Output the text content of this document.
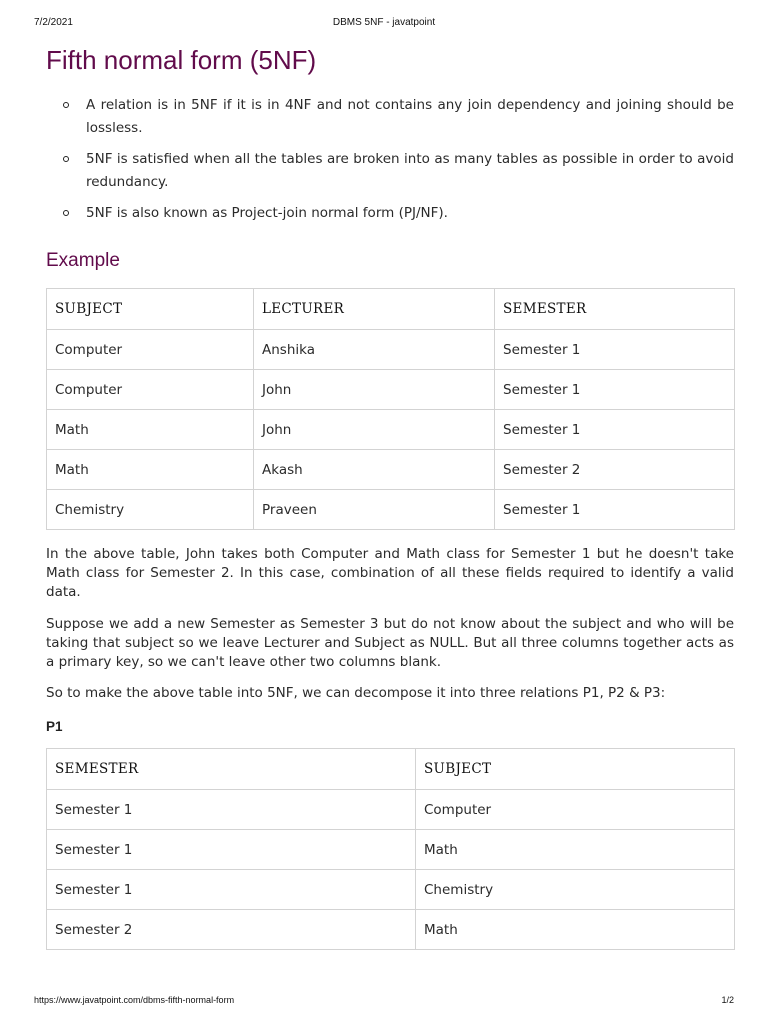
7/2/2021	DBMS 5NF - javatpoint
Fifth normal form (5NF)
A relation is in 5NF if it is in 4NF and not contains any join dependency and joining should be lossless.
5NF is satisfied when all the tables are broken into as many tables as possible in order to avoid redundancy.
5NF is also known as Project-join normal form (PJ/NF).
Example
SUBJECT	LECTURER	SEMESTER
Computer	Anshika	Semester 1
Computer	John	Semester 1
Math	John	Semester 1
Math	Akash	Semester 2
Chemistry	Praveen	Semester 1

In the above table, John takes both Computer and Math class for Semester 1 but he doesn't take Math class for Semester 2. In this case, combination of all these fields required to identify a valid data.

Suppose we add a new Semester as Semester 3 but do not know about the subject and who will be taking that subject so we leave Lecturer and Subject as NULL. But all three columns together acts as a primary key, so we can't leave other two columns blank.

So to make the above table into 5NF, we can decompose it into three relations P1, P2 & P3:

P1
SEMESTER	SUBJECT
Semester 1	Computer
Semester 1	Math
Semester 1	Chemistry
Semester 2	Math
https://www.javatpoint.com/dbms-fifth-normal-form	1/2
